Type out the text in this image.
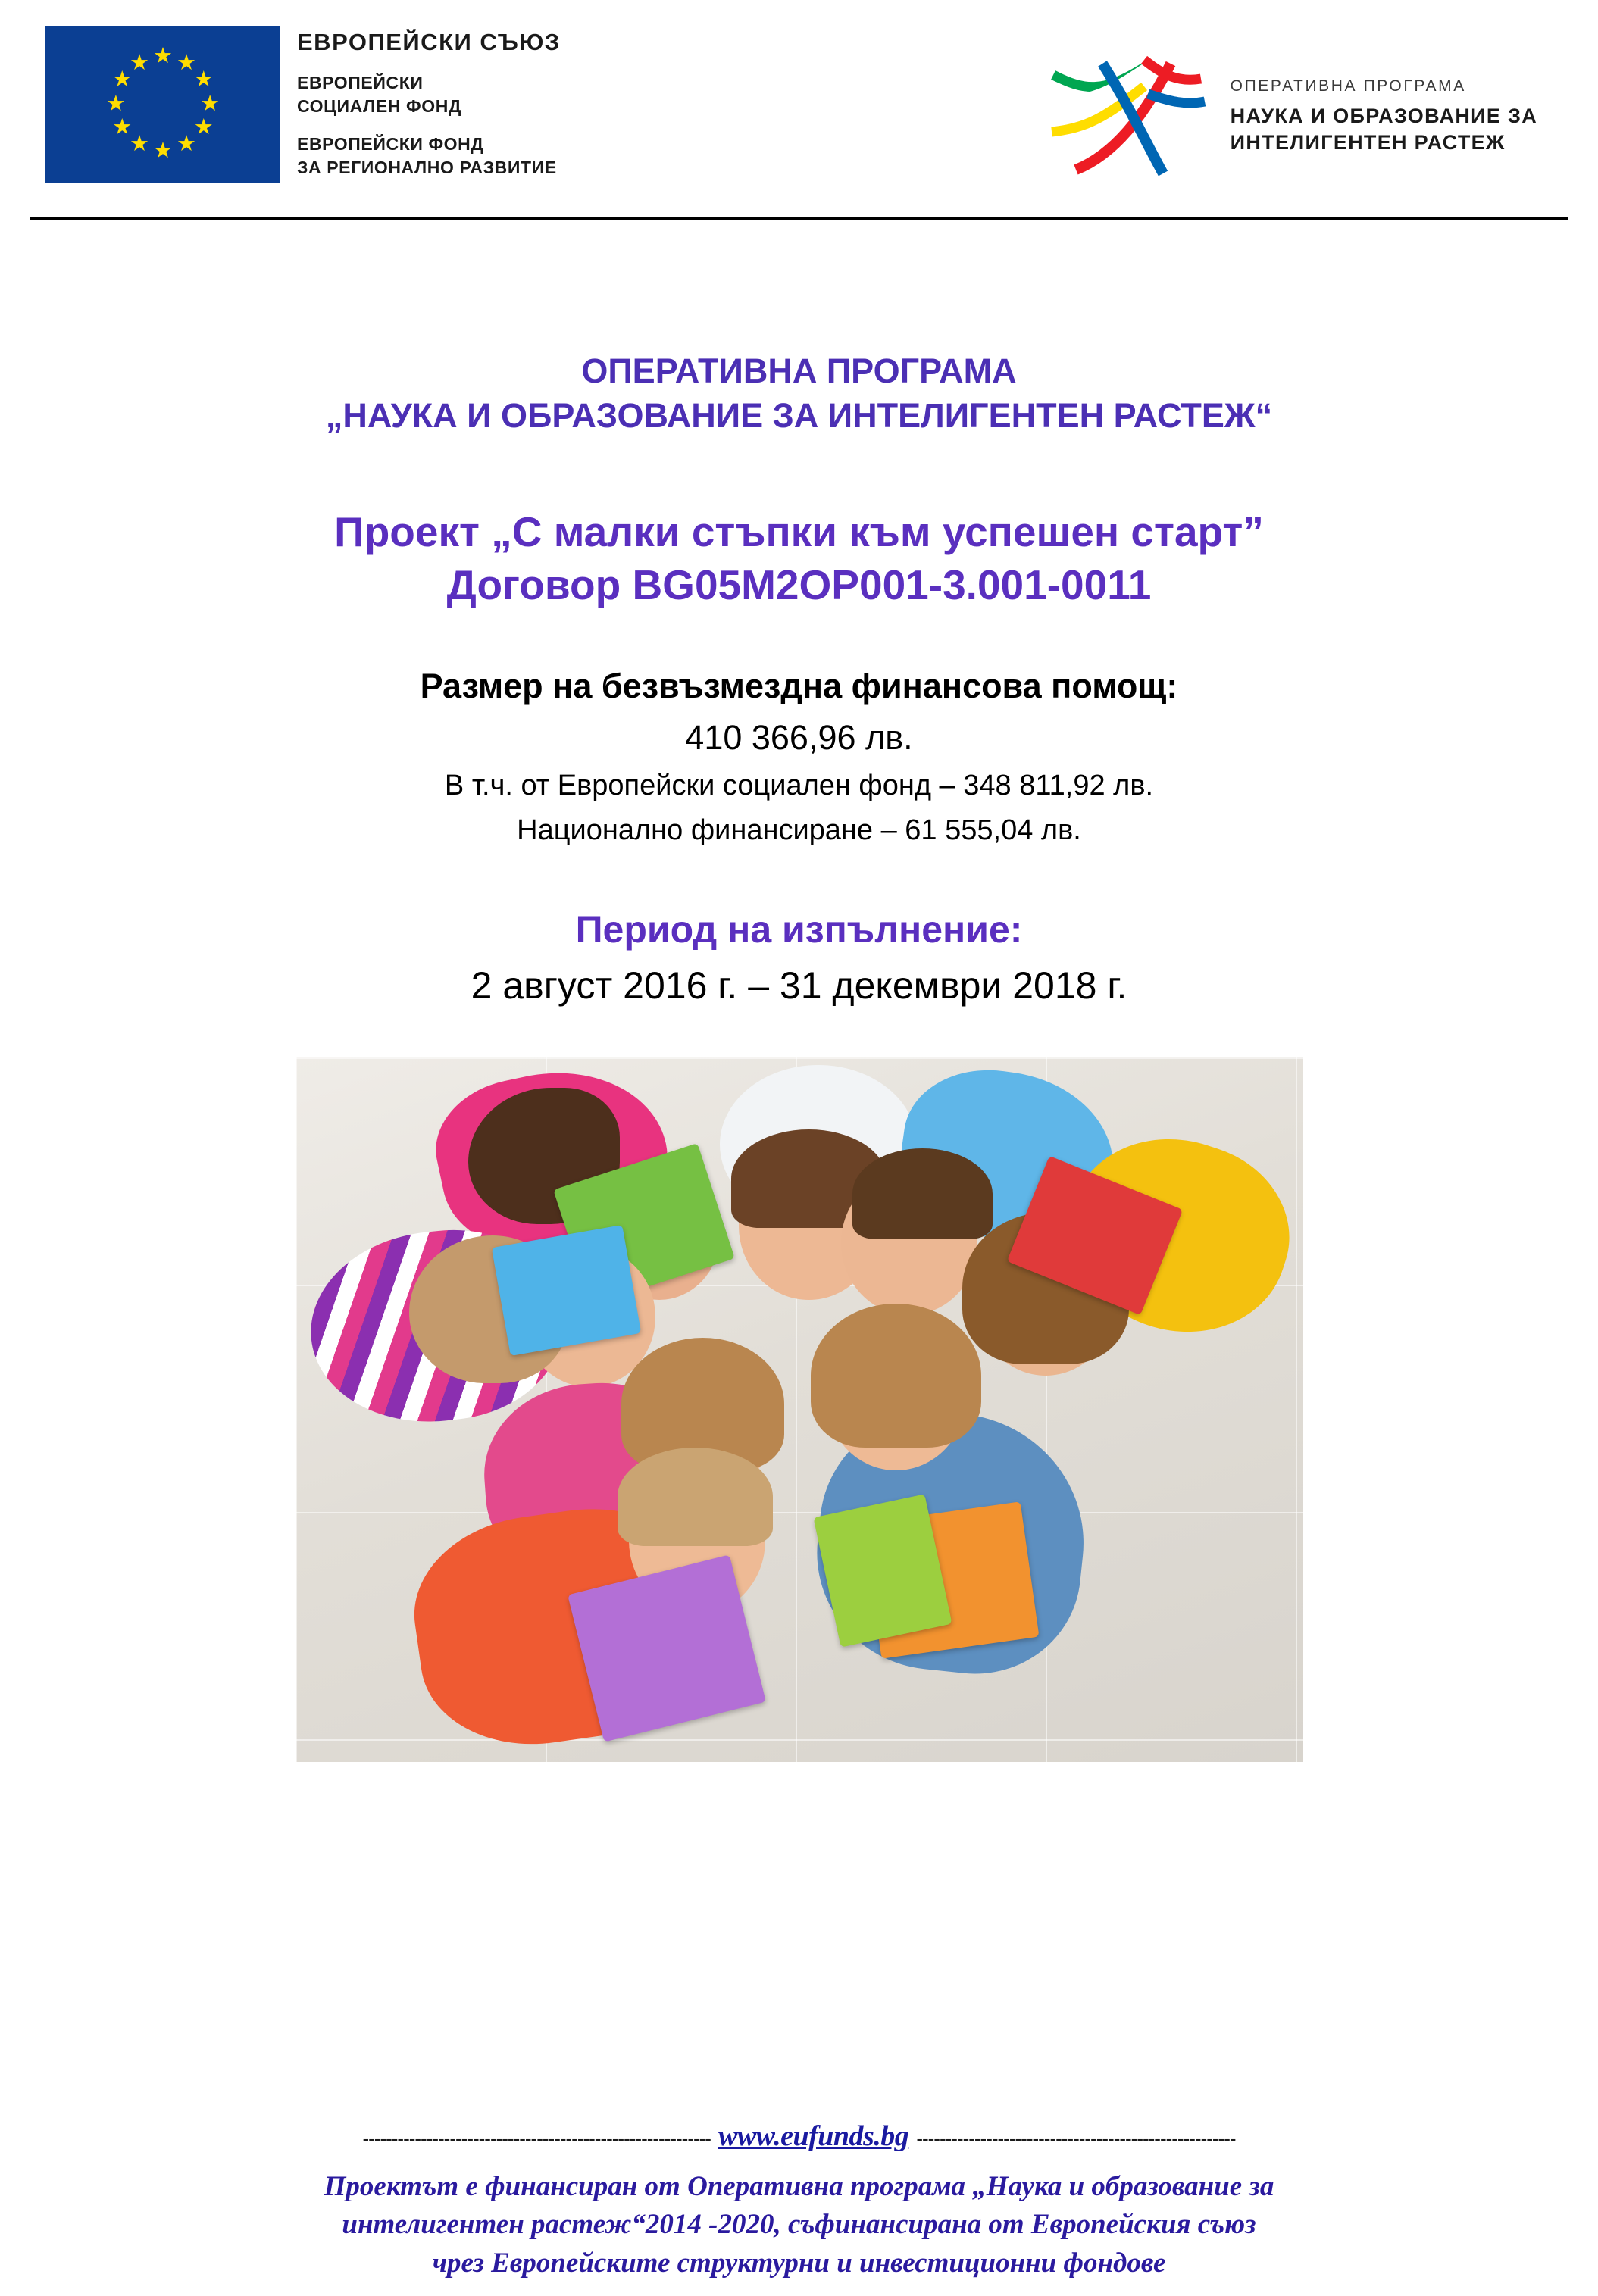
★ ★
★
★
★
★
★
★
★
★
★
★
ЕВРОПЕЙСКИ СЪЮЗ
ЕВРОПЕЙСКИ
СОЦИАЛЕН ФОНД
ЕВРОПЕЙСКИ ФОНД
ЗА РЕГИОНАЛНО РАЗВИТИЕ
ОПЕРАТИВНА ПРОГРАМА
НАУКА И ОБРАЗОВАНИЕ ЗА
ИНТЕЛИГЕНТЕН РАСТЕЖ
ОПЕРАТИВНА ПРОГРАМА
„НАУКА И ОБРАЗОВАНИЕ ЗА ИНТЕЛИГЕНТЕН РАСТЕЖ“
Проект „С малки стъпки към успешен старт”
Договор BG05M2OP001-3.001-0011
Размер на безвъзмездна финансова помощ:
410 366,96 лв.
В т.ч. от Европейски социален фонд – 348 811,92 лв.
Национално финансиране – 61 555,04 лв.
Период на изпълнение:
2 август 2016 г. – 31 декември 2018 г.
------------------------------------------------------------ www.eufunds.bg -------------------------------------------------------
Проектът е финансиран от Оперативна програма „Наука и образование за
интелигентен растеж“2014 -2020, съфинансирана от Европейския съюз
чрез Европейските структурни и инвестиционни фондове
